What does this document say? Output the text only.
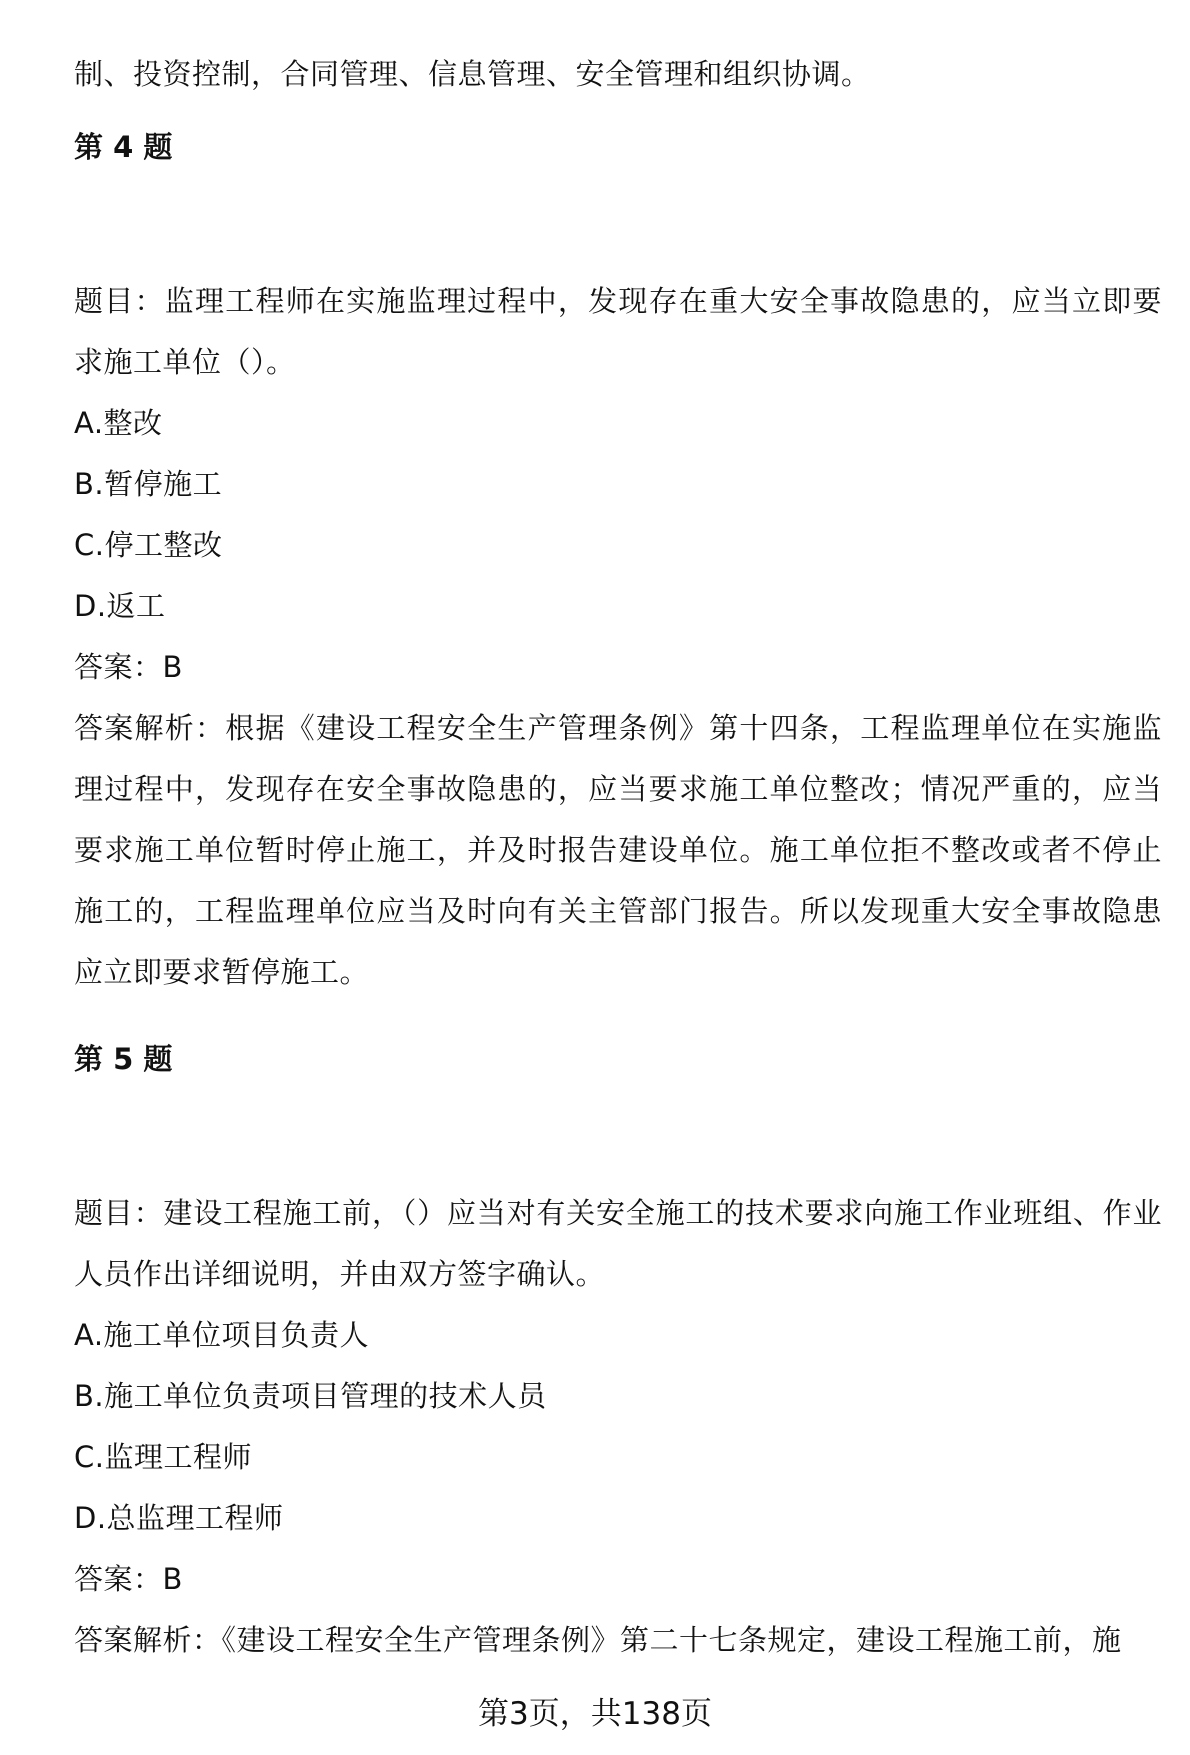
制、投资控制，合同管理、信息管理、安全管理和组织协调。

第 4 题

题目：监理工程师在实施监理过程中，发现存在重大安全事故隐患的，应当立即要求施工单位（）。

A.整改

B.暂停施工

C.停工整改

D.返工

答案：B

答案解析：根据《建设工程安全生产管理条例》第十四条，工程监理单位在实施监理过程中，发现存在安全事故隐患的，应当要求施工单位整改；情况严重的，应当要求施工单位暂时停止施工，并及时报告建设单位。施工单位拒不整改或者不停止施工的，工程监理单位应当及时向有关主管部门报告。所以发现重大安全事故隐患应立即要求暂停施工。

第 5 题

题目：建设工程施工前，（）应当对有关安全施工的技术要求向施工作业班组、作业人员作出详细说明，并由双方签字确认。

A.施工单位项目负责人

B.施工单位负责项目管理的技术人员

C.监理工程师

D.总监理工程师

答案：B

答案解析：《建设工程安全生产管理条例》第二十七条规定，建设工程施工前，施

第3页，共138页
